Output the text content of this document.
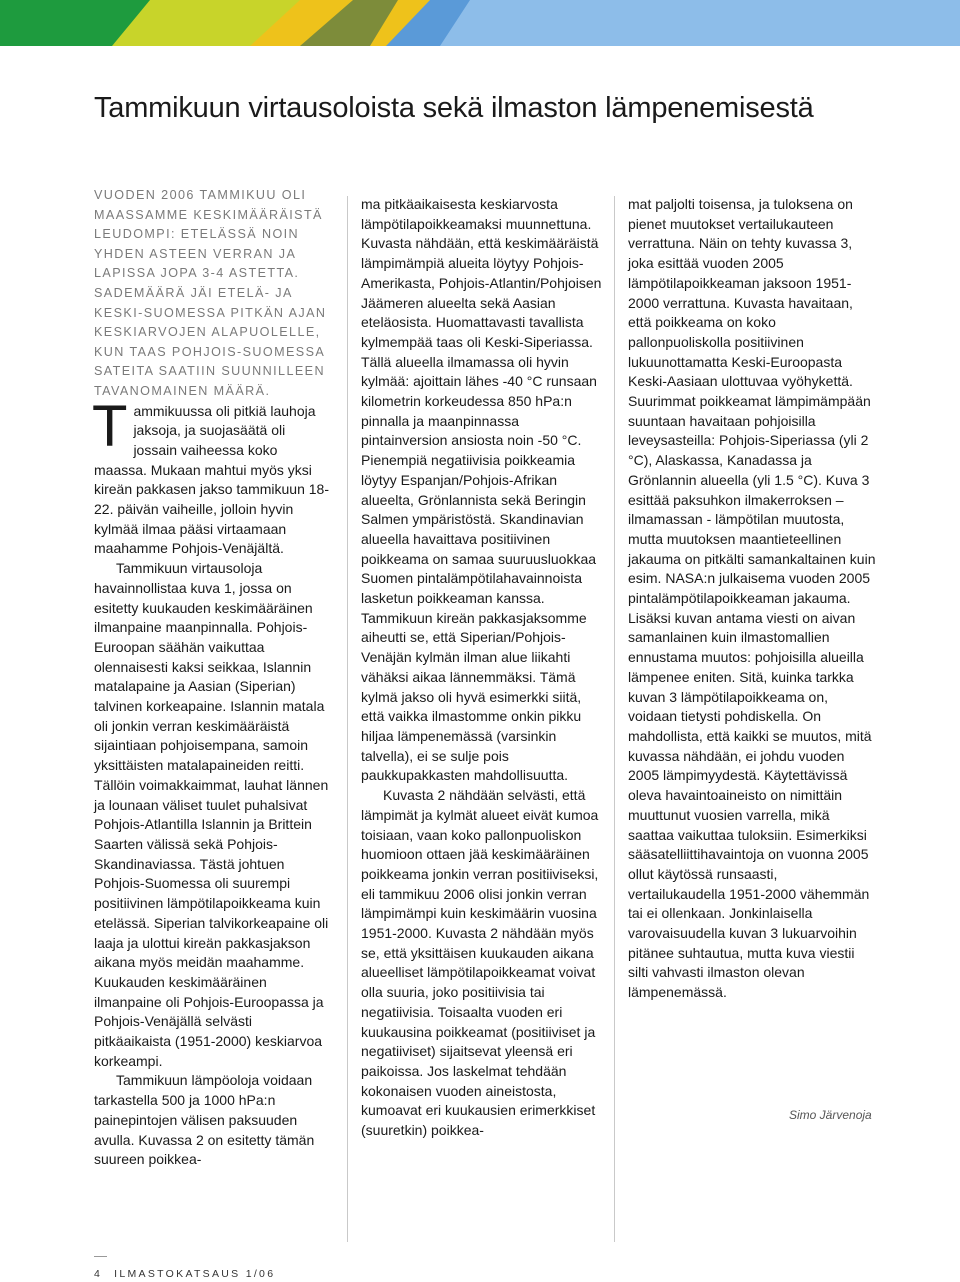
Tammikuun virtausoloista sekä ilmaston lämpenemisestä

VUODEN 2006 TAMMIKUU OLI MAASSAMME KESKIMÄÄRÄISTÄ LEUDOMPI: ETELÄSSÄ NOIN YHDEN ASTEEN VERRAN JA LAPISSA JOPA 3-4 ASTETTA. SADEMÄÄRÄ JÄI ETELÄ- JA KESKI-SUOMESSA PITKÄN AJAN KESKIARVOJEN ALAPUOLELLE, KUN TAAS POHJOIS-SUOMESSA SATEITA SAATIIN SUUNNILLEEN TAVANOMAINEN MÄÄRÄ.

Tammikuussa oli pitkiä lauhoja jaksoja, ja suojasäätä oli jossain vaiheessa koko maassa. Mukaan mahtui myös yksi kireän pakkasen jakso tammikuun 18-22. päivän vaiheille, jolloin hyvin kylmää ilmaa pääsi virtaamaan maahamme Pohjois-Venäjältä.

Tammikuun virtausoloja havainnollistaa kuva 1, jossa on esitetty kuukauden keskimääräinen ilmanpaine maanpinnalla. Pohjois-Euroopan säähän vaikuttaa olennaisesti kaksi seikkaa, Islannin matalapaine ja Aasian (Siperian) talvinen korkeapaine. Islannin matala oli jonkin verran keskimääräistä sijaintiaan pohjoisempana, samoin yksittäisten matalapaineiden reitti. Tällöin voimakkaimmat, lauhat lännen ja lounaan väliset tuulet puhalsivat Pohjois-Atlantilla Islannin ja Brittein Saarten välissä sekä Pohjois-Skandinaviassa. Tästä johtuen Pohjois-Suomessa oli suurempi positiivinen lämpötilapoikkeama kuin etelässä. Siperian talvikorkeapaine oli laaja ja ulottui kireän pakkasjakson aikana myös meidän maahamme. Kuukauden keskimääräinen ilmanpaine oli Pohjois-Euroopassa ja Pohjois-Venäjällä selvästi pitkäaikaista (1951-2000) keskiarvoa korkeampi.

Tammikuun lämpöoloja voidaan tarkastella 500 ja 1000 hPa:n painepintojen välisen paksuuden avulla. Kuvassa 2 on esitetty tämän suureen poikkea-

ma pitkäaikaisesta keskiarvosta lämpötilapoikkeamaksi muunnettuna. Kuvasta nähdään, että keskimääräistä lämpimämpiä alueita löytyy Pohjois-Amerikasta, Pohjois-Atlantin/Pohjoisen Jäämeren alueelta sekä Aasian eteläosista. Huomattavasti tavallista kylmempää taas oli Keski-Siperiassa. Tällä alueella ilmamassa oli hyvin kylmää: ajoittain lähes -40 °C runsaan kilometrin korkeudessa 850 hPa:n pinnalla ja maanpinnassa pintainversion ansiosta noin -50 °C. Pienempiä negatiivisia poikkeamia löytyy Espanjan/Pohjois-Afrikan alueelta, Grönlannista sekä Beringin Salmen ympäristöstä. Skandinavian alueella havaittava positiivinen poikkeama on samaa suuruusluokkaa Suomen pintalämpötilahavainnoista lasketun poikkeaman kanssa. Tammikuun kireän pakkasjaksomme aiheutti se, että Siperian/Pohjois-Venäjän kylmän ilman alue liikahti vähäksi aikaa lännemmäksi. Tämä kylmä jakso oli hyvä esimerkki siitä, että vaikka ilmastomme onkin pikku hiljaa lämpenemässä (varsinkin talvella), ei se sulje pois paukkupakkasten mahdollisuutta.

Kuvasta 2 nähdään selvästi, että lämpimät ja kylmät alueet eivät kumoa toisiaan, vaan koko pallonpuoliskon huomioon ottaen jää keskimääräinen poikkeama jonkin verran positiiviseksi, eli tammikuu 2006 olisi jonkin verran lämpimämpi kuin keskimäärin vuosina 1951-2000. Kuvasta 2 nähdään myös se, että yksittäisen kuukauden aikana alueelliset lämpötilapoikkeamat voivat olla suuria, joko positiivisia tai negatiivisia. Toisaalta vuoden eri kuukausina poikkeamat (positiiviset ja negatiiviset) sijaitsevat yleensä eri paikoissa. Jos laskelmat tehdään kokonaisen vuoden aineistosta, kumoavat eri kuukausien erimerkkiset (suuretkin) poikkea-

mat paljolti toisensa, ja tuloksena on pienet muutokset vertailukauteen verrattuna. Näin on tehty kuvassa 3, joka esittää vuoden 2005 lämpötilapoikkeaman jaksoon 1951-2000 verrattuna. Kuvasta havaitaan, että poikkeama on koko pallonpuoliskolla positiivinen lukuunottamatta Keski-Euroopasta Keski-Aasiaan ulottuvaa vyöhykettä. Suurimmat poikkeamat lämpimämpään suuntaan havaitaan pohjoisilla leveysasteilla: Pohjois-Siperiassa (yli 2 °C), Alaskassa, Kanadassa ja Grönlannin alueella (yli 1.5 °C). Kuva 3 esittää paksuhkon ilmakerroksen – ilmamassan - lämpötilan muutosta, mutta muutoksen maantieteellinen jakauma on pitkälti samankaltainen kuin esim. NASA:n julkaisema vuoden 2005 pintalämpötilapoikkeaman jakauma. Lisäksi kuvan antama viesti on aivan samanlainen kuin ilmastomallien ennustama muutos: pohjoisilla alueilla lämpenee eniten. Sitä, kuinka tarkka kuvan 3 lämpötilapoikkeama on, voidaan tietysti pohdiskella. On mahdollista, että kaikki se muutos, mitä kuvassa nähdään, ei johdu vuoden 2005 lämpimyydestä. Käytettävissä oleva havaintoaineisto on nimittäin muuttunut vuosien varrella, mikä saattaa vaikuttaa tuloksiin. Esimerkiksi sääsatelliittihavaintoja on vuonna 2005 ollut käytössä runsaasti, vertailukaudella 1951-2000 vähemmän tai ei ollenkaan. Jonkinlaisella varovaisuudella kuvan 3 lukuarvoihin pitänee suhtautua, mutta kuva viestii silti vahvasti ilmaston olevan lämpenemässä.

Simo Järvenoja
4 ILMASTOKATSAUS 1/06
